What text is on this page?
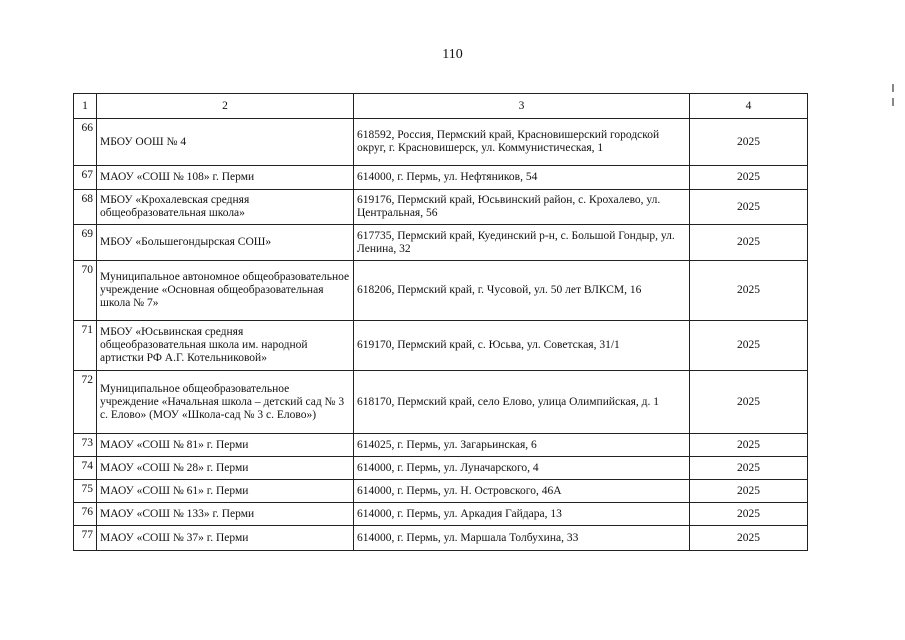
110
1	2	3	4
66	МБОУ ООШ № 4	618592, Россия, Пермский край, Красновишерский городской округ, г. Красновишерск, ул. Коммунистическая, 1	2025
67	МАОУ «СОШ № 108» г. Перми	614000, г. Пермь, ул. Нефтяников, 54	2025
68	МБОУ «Крохалевская средняя общеобразовательная школа»	619176, Пермский край, Юсьвинский район, с. Крохалево, ул. Центральная, 56	2025
69	МБОУ «Большегондырская СОШ»	617735, Пермский край, Куединский р-н, с. Большой Гондыр, ул. Ленина, 32	2025
70	Муниципальное автономное общеобразовательное учреждение «Основная общеобразовательная школа № 7»	618206, Пермский край, г. Чусовой, ул. 50 лет ВЛКСМ, 16	2025
71	МБОУ «Юсьвинская средняя общеобразовательная школа им. народной артистки РФ А.Г. Котельниковой»	619170, Пермский край, с. Юсьва, ул. Советская, 31/1	2025
72	Муниципальное общеобразовательное учреждение «Начальная школа – детский сад № 3 с. Елово» (МОУ «Школа-сад № 3 с. Елово»)	618170, Пермский край, село Елово, улица Олимпийская, д. 1	2025
73	МАОУ «СОШ № 81» г. Перми	614025, г. Пермь, ул. Загарьинская, 6	2025
74	МАОУ «СОШ № 28» г. Перми	614000, г. Пермь, ул. Луначарского, 4	2025
75	МАОУ «СОШ № 61» г. Перми	614000, г. Пермь, ул. Н. Островского, 46А	2025
76	МАОУ «СОШ № 133» г. Перми	614000, г. Пермь, ул. Аркадия Гайдара, 13	2025
77	МАОУ «СОШ № 37» г. Перми	614000, г. Пермь, ул. Маршала Толбухина, 33	2025
